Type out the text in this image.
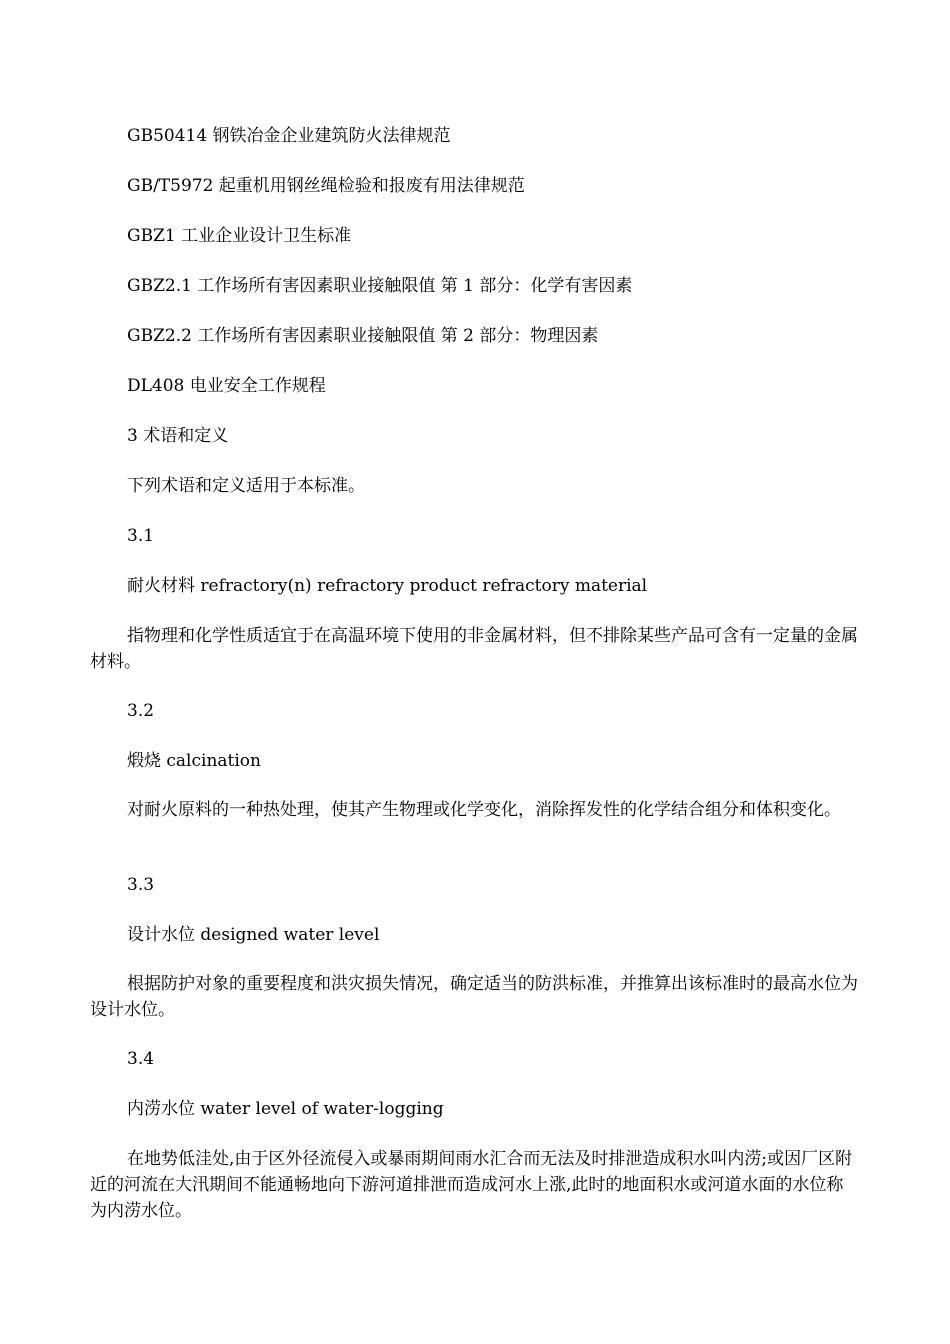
GB50414 钢铁冶金企业建筑防火法律规范

GB/T5972 起重机用钢丝绳检验和报废有用法律规范

GBZ1 工业企业设计卫生标准

GBZ2.1 工作场所有害因素职业接触限值 第 1 部分：化学有害因素

GBZ2.2 工作场所有害因素职业接触限值 第 2 部分：物理因素

DL408 电业安全工作规程

3 术语和定义

下列术语和定义适用于本标准。

3.1

耐火材料 refractory(n) refractory product refractory material

指物理和化学性质适宜于在高温环境下使用的非金属材料，但不排除某些产品可含有一定量的金属材料。

3.2

煅烧 calcination

对耐火原料的一种热处理，使其产生物理或化学变化，消除挥发性的化学结合组分和体积变化。

3.3

设计水位 designed water level

根据防护对象的重要程度和洪灾损失情况，确定适当的防洪标准，并推算出该标准时的最高水位为设计水位。

3.4

内涝水位 water level of water-logging

在地势低洼处,由于区外径流侵入或暴雨期间雨水汇合而无法及时排泄造成积水叫内涝;或因厂区附近的河流在大汛期间不能通畅地向下游河道排泄而造成河水上涨,此时的地面积水或河道水面的水位称为内涝水位。
